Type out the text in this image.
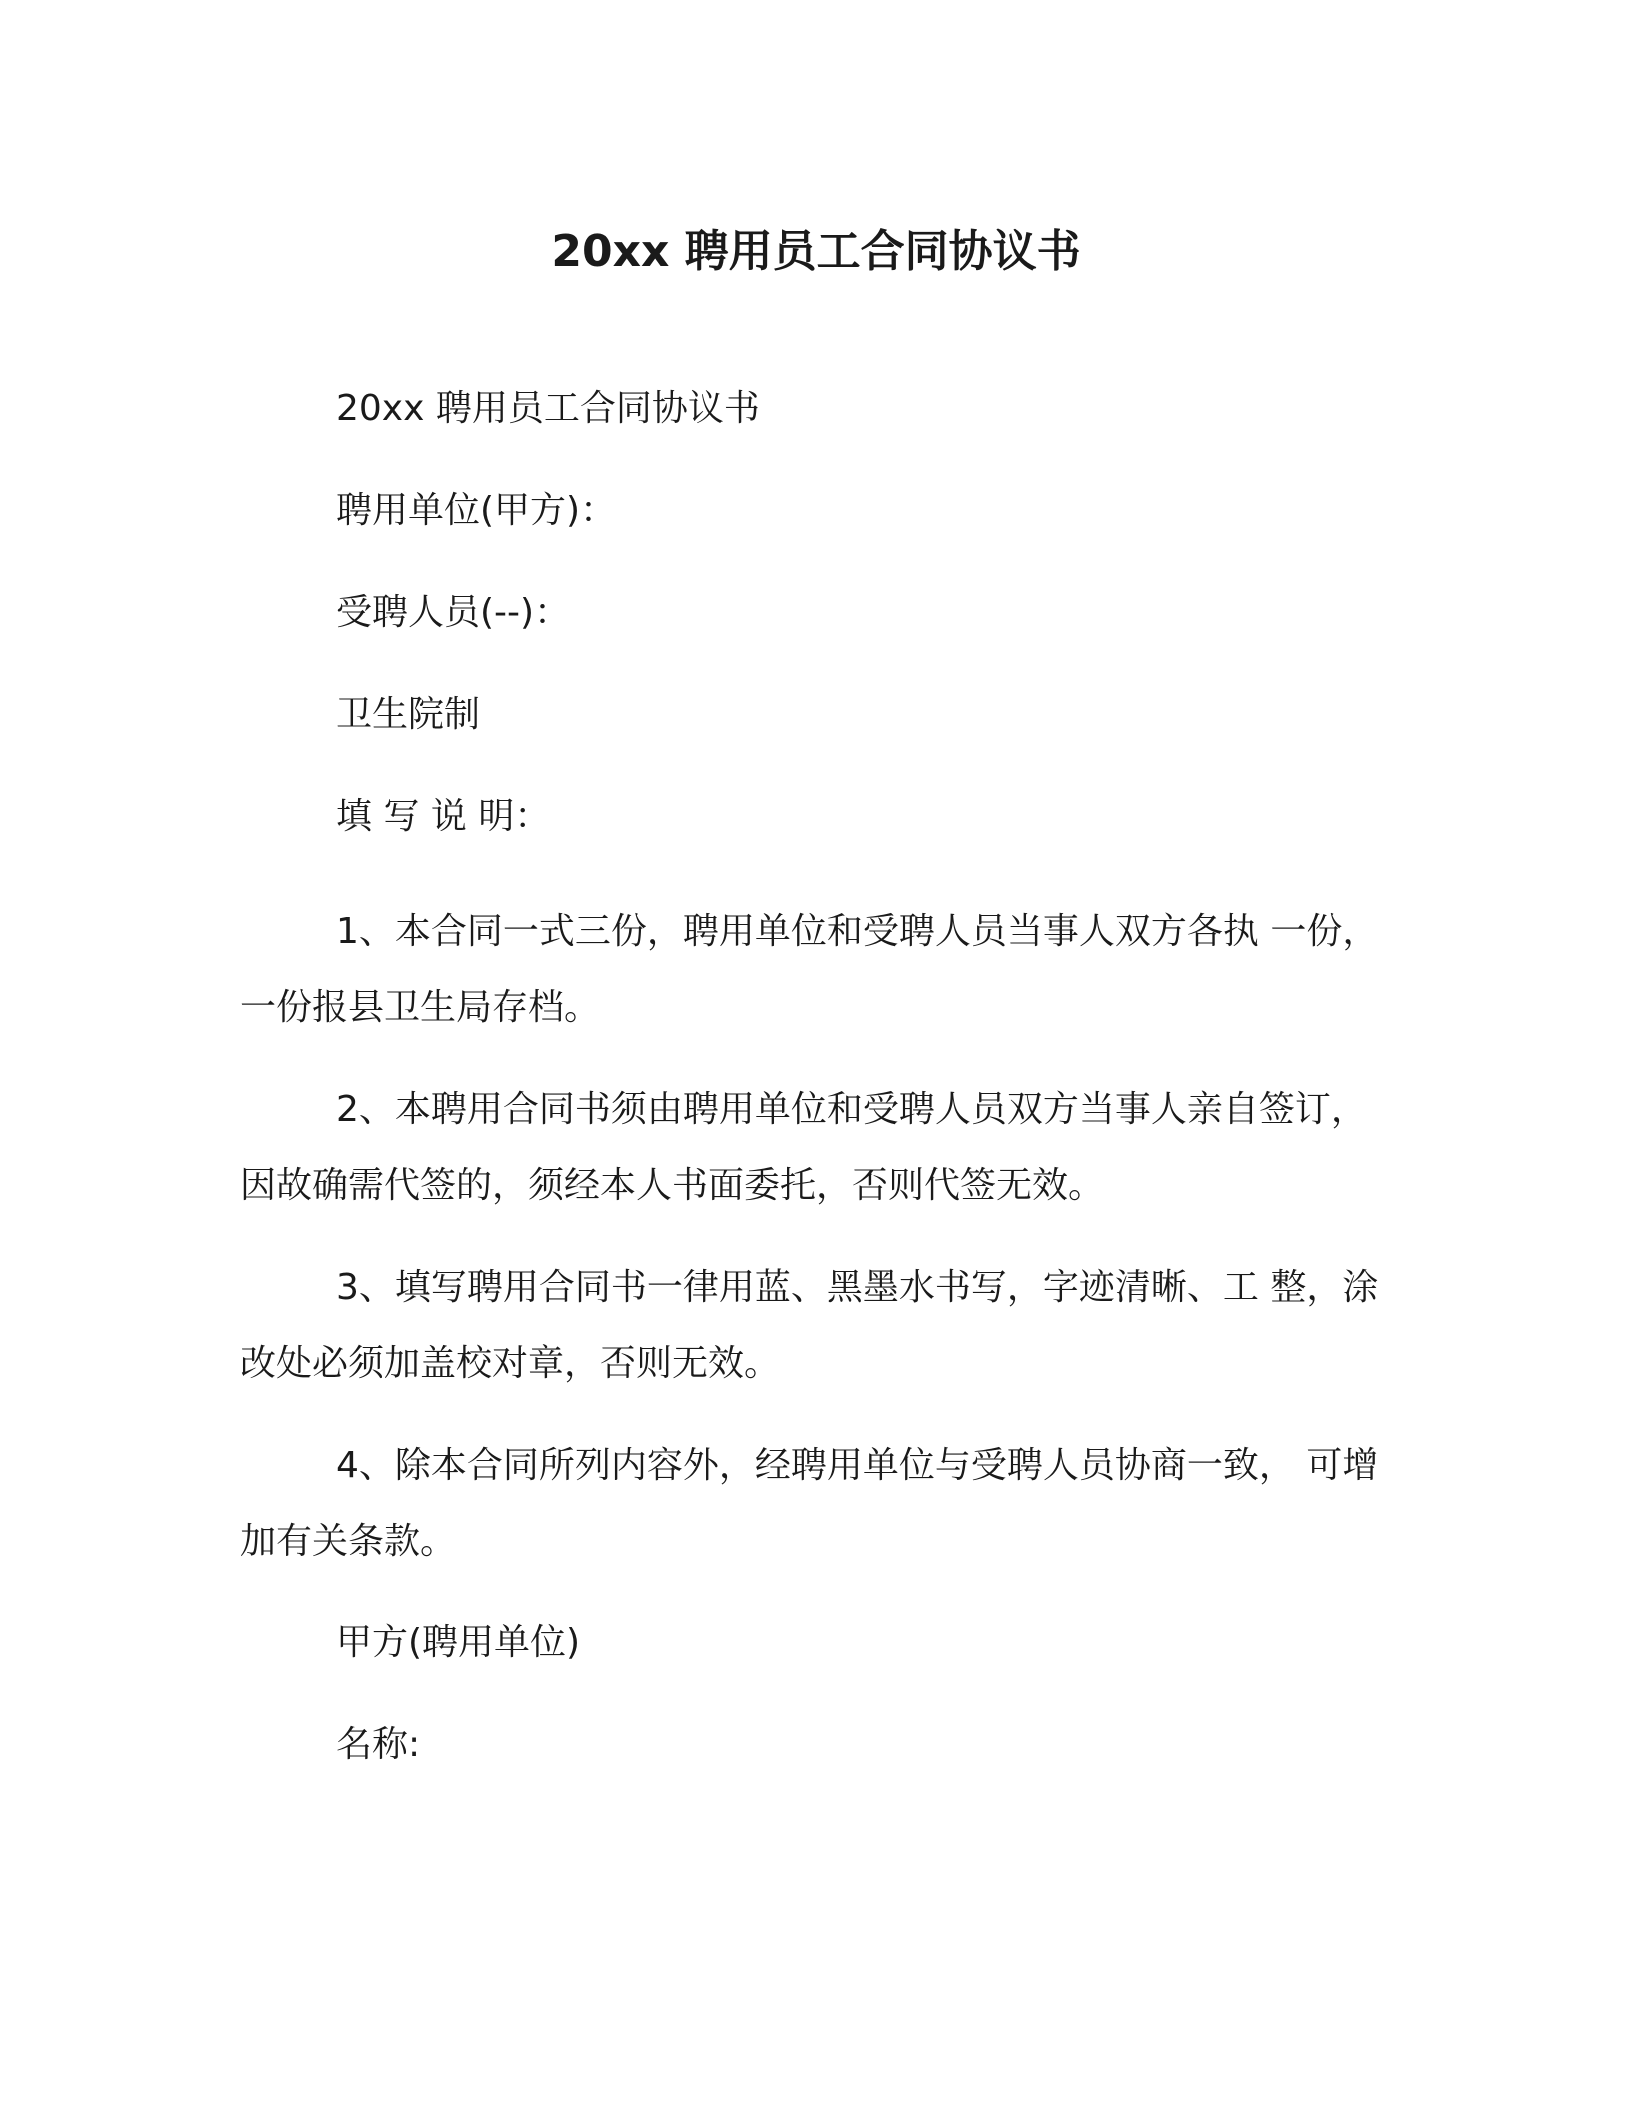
20xx 聘用员工合同协议书

20xx 聘用员工合同协议书

聘用单位(甲方)：

受聘人员(--)：

卫生院制

填 写 说 明：

1、本合同一式三份，聘用单位和受聘人员当事人双方各执 一份，一份报县卫生局存档。

2、本聘用合同书须由聘用单位和受聘人员双方当事人亲自签订，因故确需代签的，须经本人书面委托，否则代签无效。

3、填写聘用合同书一律用蓝、黑墨水书写，字迹清晰、工 整，涂改处必须加盖校对章，否则无效。

4、除本合同所列内容外，经聘用单位与受聘人员协商一致， 可增加有关条款。

甲方(聘用单位)

名称:
